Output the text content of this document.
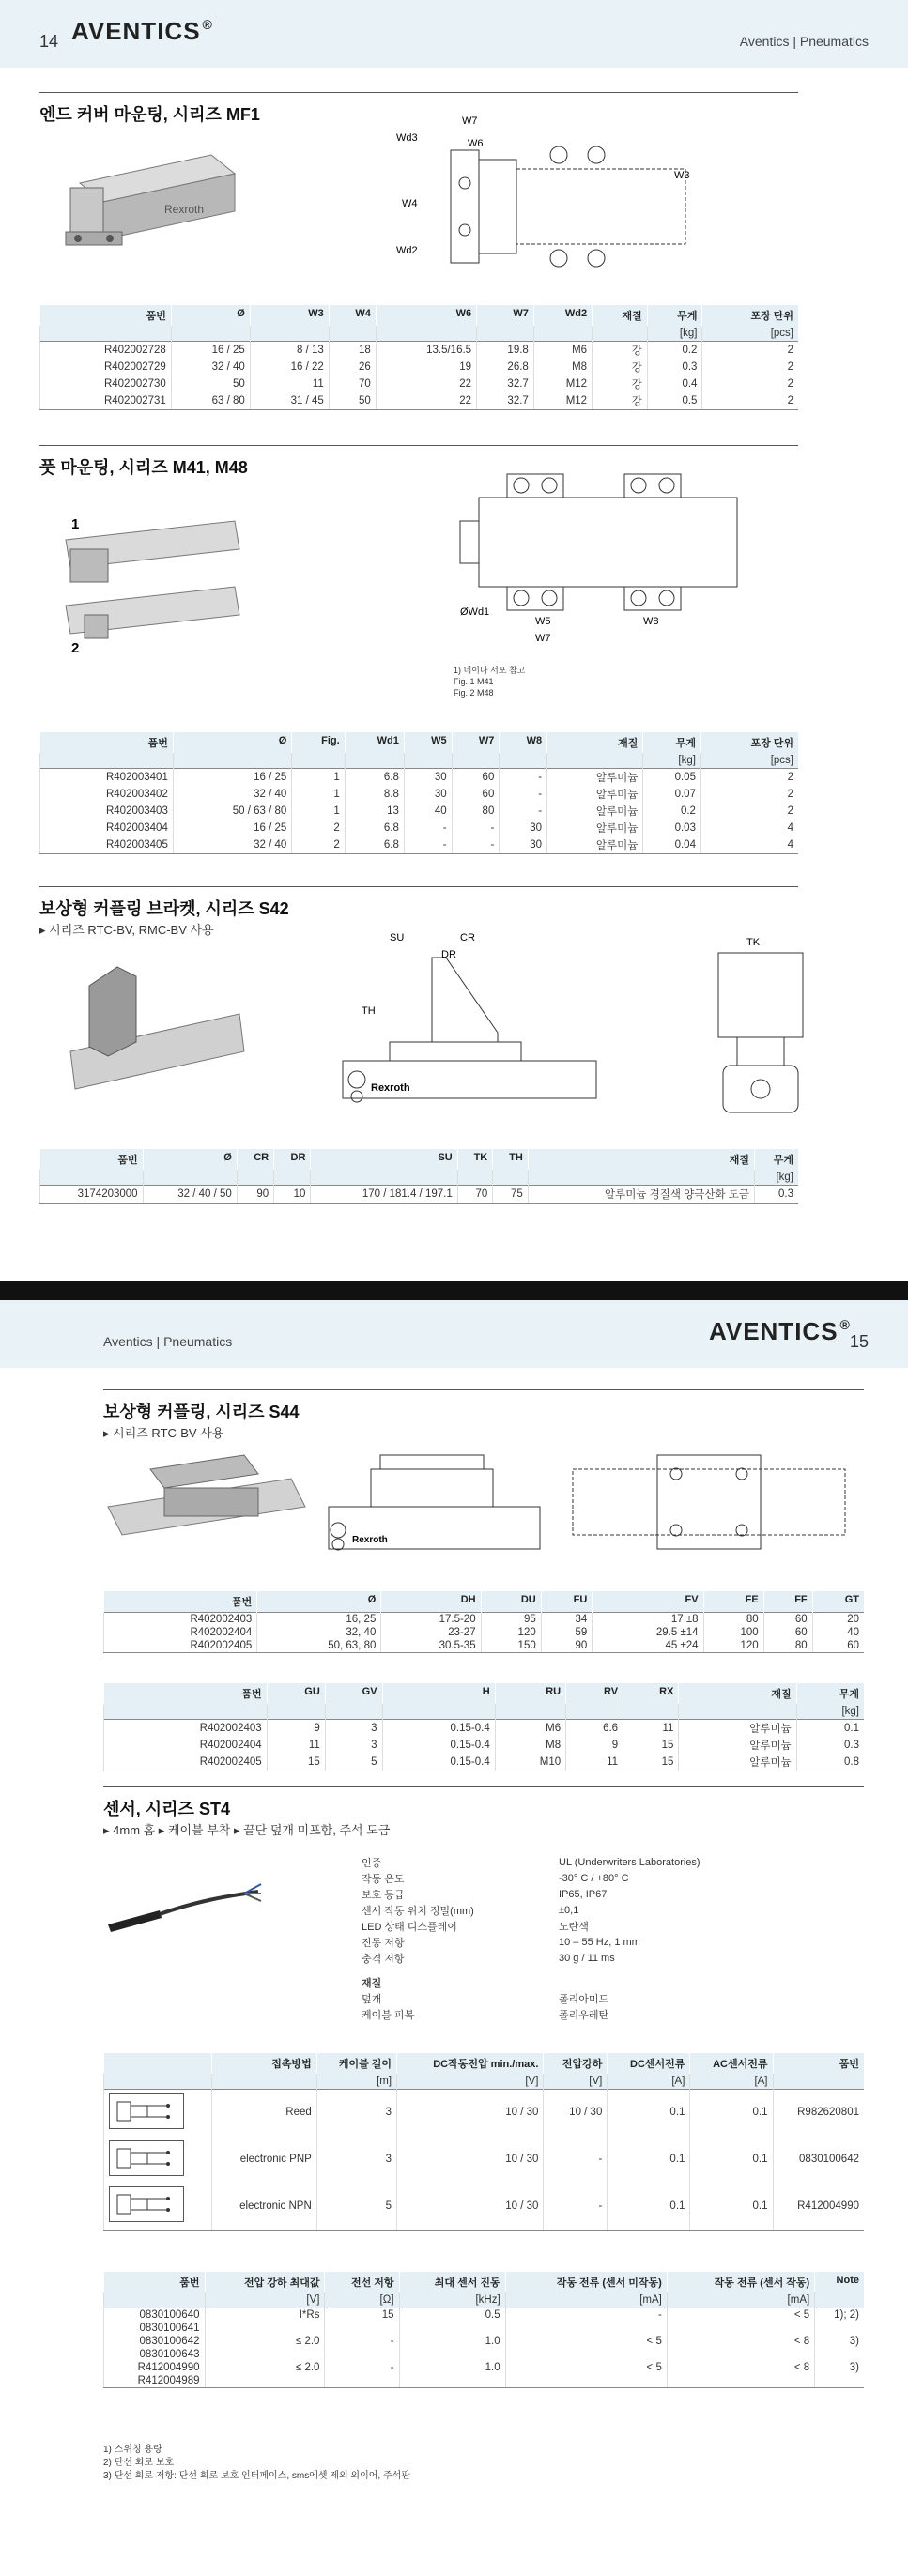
14 AVENTICS ®
Aventics | Pneumatics
엔드 커버 마운팅, 시리즈 MF1
Rexroth
Wd3
W7
W6
W4
Wd2
W3
품번	Ø	W3	W4	W6	W7	Wd2	재질	무게	포장 단위
								[kg]	[pcs]
R402002728	16 / 25	8 / 13	18	13.5/16.5	19.8	M6	강	0.2	2
R402002729	32 / 40	16 / 22	26	19	26.8	M8	강	0.3	2
R402002730	50	11	70	22	32.7	M12	강	0.4	2
R402002731	63 / 80	31 / 45	50	22	32.7	M12	강	0.5	2
풋 마운팅, 시리즈 M41, M48
1
2
ØWd1
W5
W7
W8
1) 네이다 서포 참고
Fig. 1 M41
Fig. 2 M48
품번	Ø	Fig.	Wd1	W5	W7	W8	재질	무게	포장 단위
								[kg]	[pcs]
R402003401	16 / 25	1	6.8	30	60	-	알루미늄	0.05	2
R402003402	32 / 40	1	8.8	30	60	-	알루미늄	0.07	2
R402003403	50 / 63 / 80	1	13	40	80	-	알루미늄	0.2	2
R402003404	16 / 25	2	6.8	-	-	30	알루미늄	0.03	4
R402003405	32 / 40	2	6.8	-	-	30	알루미늄	0.04	4
보상형 커플링 브라켓, 시리즈 S42
▸ 시리즈 RTC-BV, RMC-BV 사용
Rexroth
SU	CR
DR
TH
TK
품번	Ø	CR	DR	SU	TK	TH	재질	무게
								[kg]
3174203000	32 / 40 / 50	90	10	170 / 181.4 / 197.1	70	75	알루미늄 경질색 양극산화 도금	0.3
Aventics | Pneumatics	AVENTICS ®
15
보상형 커플링, 시리즈 S44
▸ 시리즈 RTC-BV 사용
Rexroth
품번	Ø	DH	DU	FU	FV	FE	FF	GT
R402002403	16, 25	17.5-20	95	34	17 ±8	80	60	20
R402002404	32, 40	23-27	120	59	29.5 ±14	100	60	40
R402002405	50, 63, 80	30.5-35	150	90	45 ±24	120	80	60
품번	GU	GV	H	RU	RV	RX	재질	무게
								[kg]
R402002403	9	3	0.15-0.4	M6	6.6	11	알루미늄	0.1
R402002404	11	3	0.15-0.4	M8	9	15	알루미늄	0.3
R402002405	15	5	0.15-0.4	M10	11	15	알루미늄	0.8
센서, 시리즈 ST4
▸ 4mm 홈 ▸ 케이블 부착 ▸ 끝단 덮개 미포함, 주석 도금
인증	UL (Underwriters Laboratories)
작동 온도	-30° C / +80° C
보호 등급	IP65, IP67
센서 작동 위치 정밀(mm)	±0,1
LED 상태 디스플레이	노란색
진동 저항	10 – 55 Hz, 1 mm
충격 저항	30 g / 11 ms
재질
덮개	폴리아미드
케이블 피복	폴리우레탄
	접촉방법	케이블 길이	DC작동전압 min./max.	전압강하	DC센서전류	AC센서전류	품번
		[m]	[V]	[V]	[A]	[A]	

	Reed	3	10 / 30	10 / 30	0.1	0.1	R982620801

	electronic PNP	3	10 / 30	-	0.1	0.1	0830100642

	electronic NPN	5	10 / 30	-	0.1	0.1	R412004990
품번	전압 강하 최대값	전선 저항	최대 센서 진동	작동 전류 (센서 미작동)	작동 전류 (센서 작동)	Note
	[V]	[Ω]	[kHz]	[mA]	[mA]	
0830100640	I*Rs	15	0.5	-	< 5	1); 2)
0830100641						
0830100642	≤ 2.0	-	1.0	< 5	< 8	3)
0830100643						
R412004990	≤ 2.0	-	1.0	< 5	< 8	3)
R412004989						
1) 스위칭 용량
2) 단선 회로 보호
3) 단선 회로 저항: 단선 회로 보호 인터페이스, sms에셋 제외 외이어, 주석판
